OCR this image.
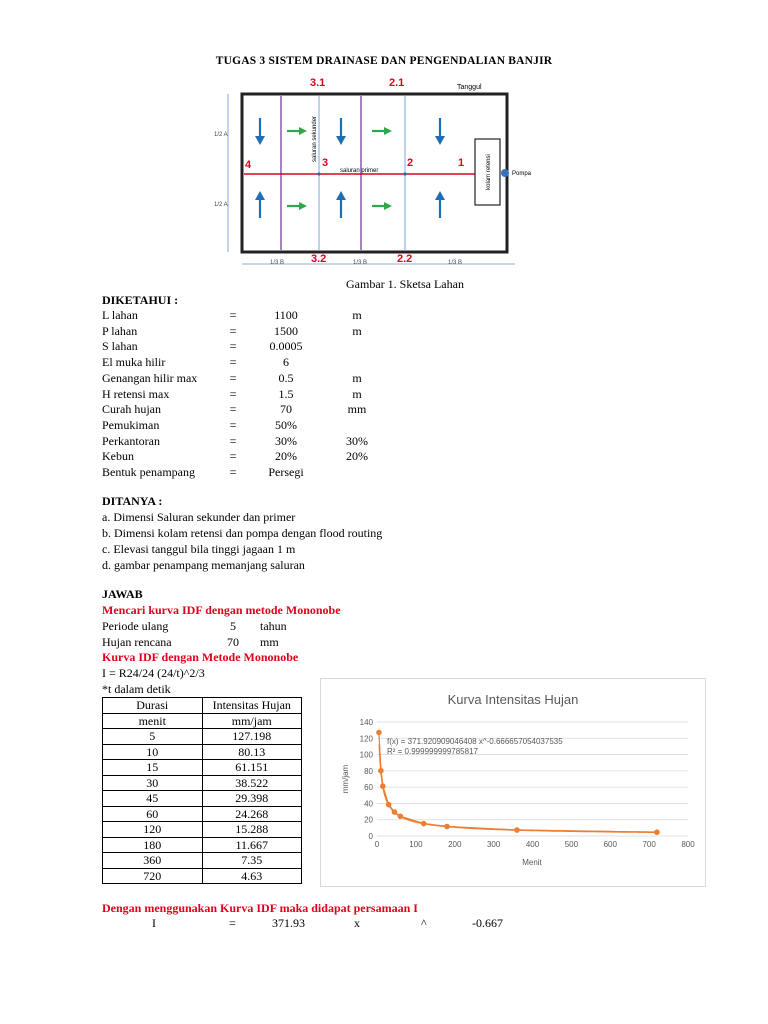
TUGAS 3 SISTEM DRAINASE DAN PENGENDALIAN BANJIR
kolam retensi	Pompa
3.1	2.1
3.2	2.2
4	3	2	1
Tanggul
saluran sekunder
saluran primer
1/2 A
1/2 A
1/3 B	1/3 B	1/3 B
Gambar 1. Sketsa Lahan
DIKETAHUI :
L lahan	=	1100	m
P lahan	=	1500	m
S lahan	=	0.0005
El muka hilir	=	6
Genangan hilir max	=	0.5	m
H retensi max	=	1.5	m
Curah hujan	=	70	mm
Pemukiman	=	50%
Perkantoran	=	30%	30%
Kebun	=	20%	20%
Bentuk penampang	=	Persegi
DITANYA :
a. Dimensi Saluran sekunder dan primer
b. Dimensi kolam retensi dan pompa dengan flood routing
c. Elevasi tanggul bila tinggi jagaan 1 m
d. gambar penampang memanjang saluran
JAWAB
Mencari kurva IDF dengan metode Mononobe
Periode ulang	5 tahun
Hujan rencana	70 mm
Kurva IDF dengan Metode Mononobe
I = R24/24 (24/t)^2/3
*t dalam detik
Durasi	Intensitas Hujan
menit	mm/jam
5	127.198
10	80.13
15	61.151
30	38.522
45	29.398
60	24.268
120	15.288
180	11.667
360	7.35
720	4.63
Kurva Intensitas Hujan
0
20
40
60
80
100
120
140
0	100	200	300	400	500	600	700	800
Menit
mm/jam
f(x) = 371.920909046408 x^-0.666657054037535
R² = 0.999999999785817
Dengan menggunakan Kurva IDF maka didapat persamaan I
I	=	371.93	x	^	-0.667
